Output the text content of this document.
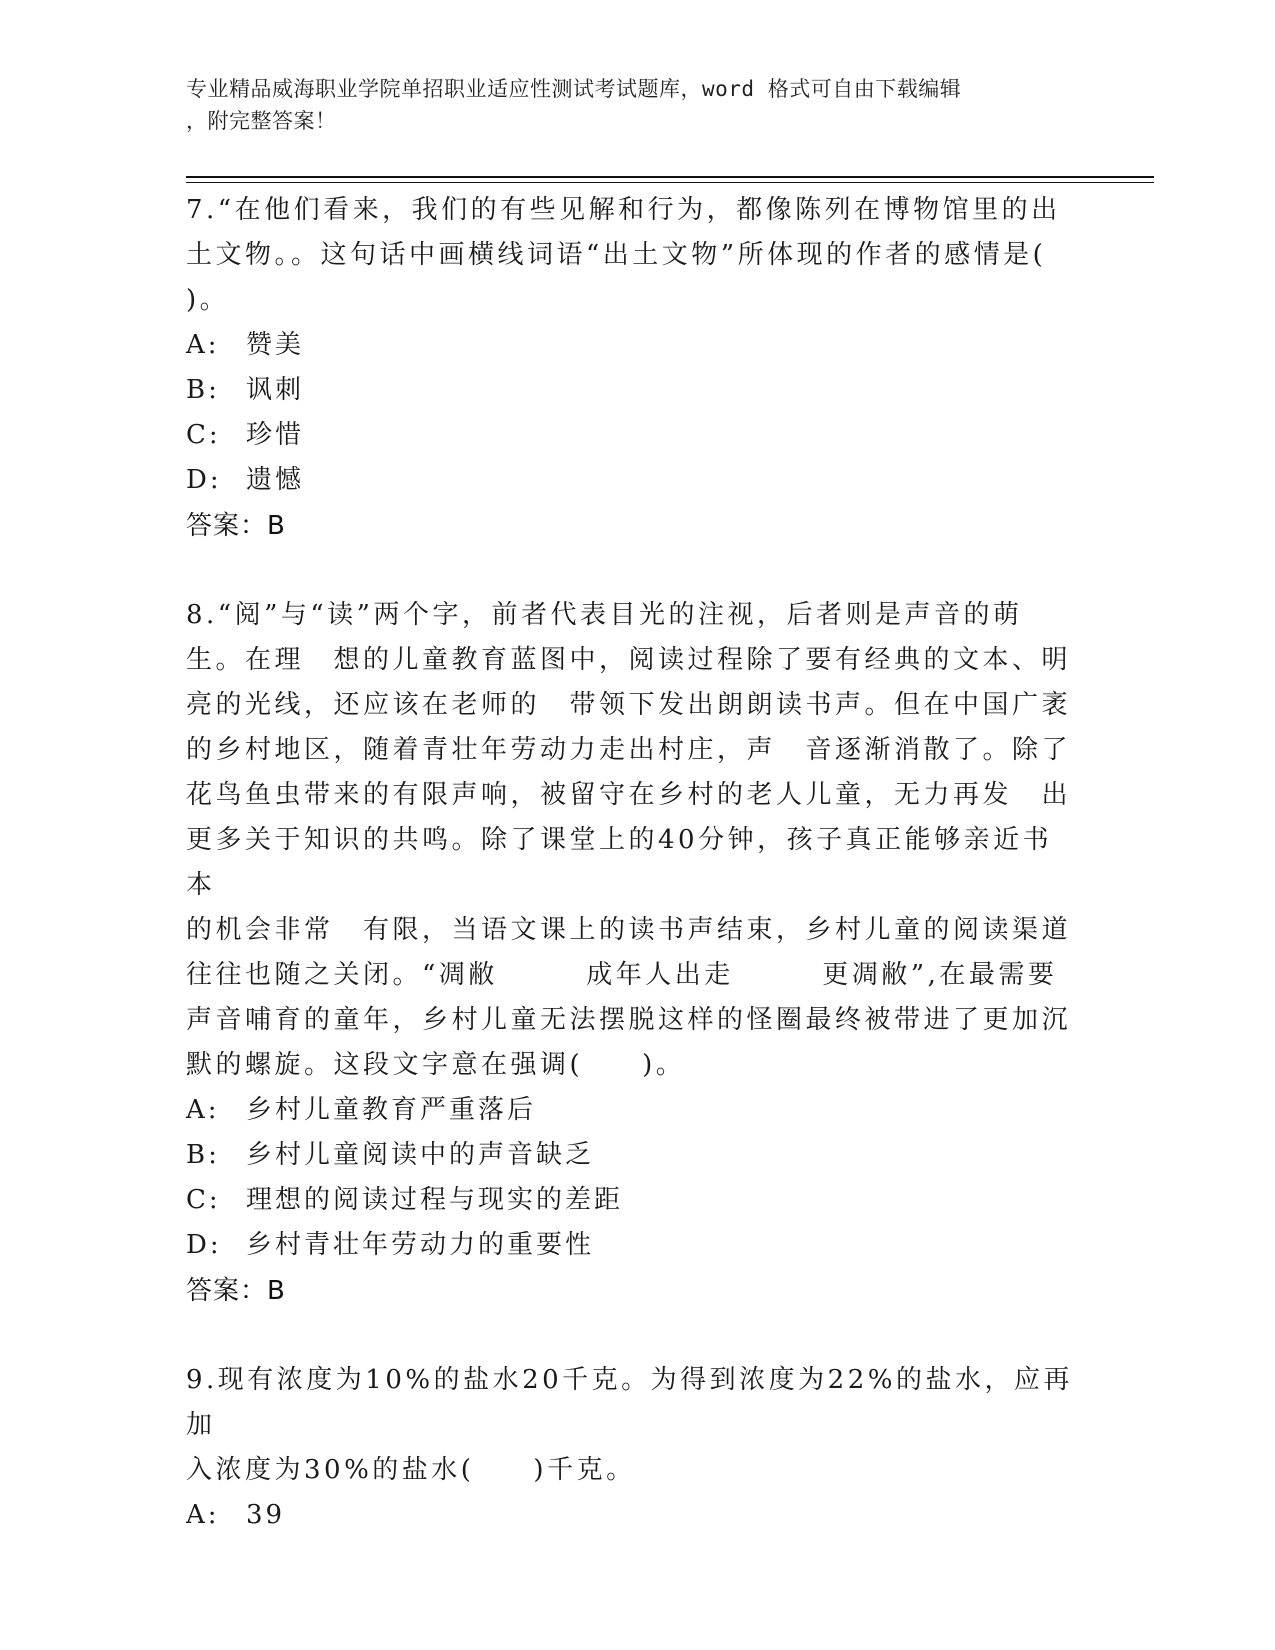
专业精品威海职业学院单招职业适应性测试考试题库，word 格式可自由下载编辑
，附完整答案！

7.“在他们看来，我们的有些见解和行为，都像陈列在博物馆里的出

土文物。。这句话中画横线词语“出土文物”所体现的作者的感情是(

)。

A:	赞美
B:	讽刺
C: 珍惜
D: 遗憾

答案：B

8.“阅”与“读”两个字，前者代表目光的注视，后者则是声音的萌

生。在理　想的儿童教育蓝图中，阅读过程除了要有经典的文本、明

亮的光线，还应该在老师的　带领下发出朗朗读书声。但在中国广袤

的乡村地区，随着青壮年劳动力走出村庄，声　音逐渐消散了。除了

花鸟鱼虫带来的有限声响，被留守在乡村的老人儿童，无力再发　出

更多关于知识的共鸣。除了课堂上的40分钟，孩子真正能够亲近书本

的机会非常　有限，当语文课上的读书声结束，乡村儿童的阅读渠道

往往也随之关闭。“凋敝　　　成年人出走　　　更凋敝”,在最需要

声音哺育的童年，乡村儿童无法摆脱这样的怪圈最终被带进了更加沉

默的螺旋。这段文字意在强调(　　)。

A:	乡村儿童教育严重落后
B:	乡村儿童阅读中的声音缺乏
C: 理想的阅读过程与现实的差距
D: 乡村青壮年劳动力的重要性

答案：B

9.现有浓度为10%的盐水20千克。为得到浓度为22%的盐水，应再加

入浓度为30%的盐水(　　)千克。

A:	39
